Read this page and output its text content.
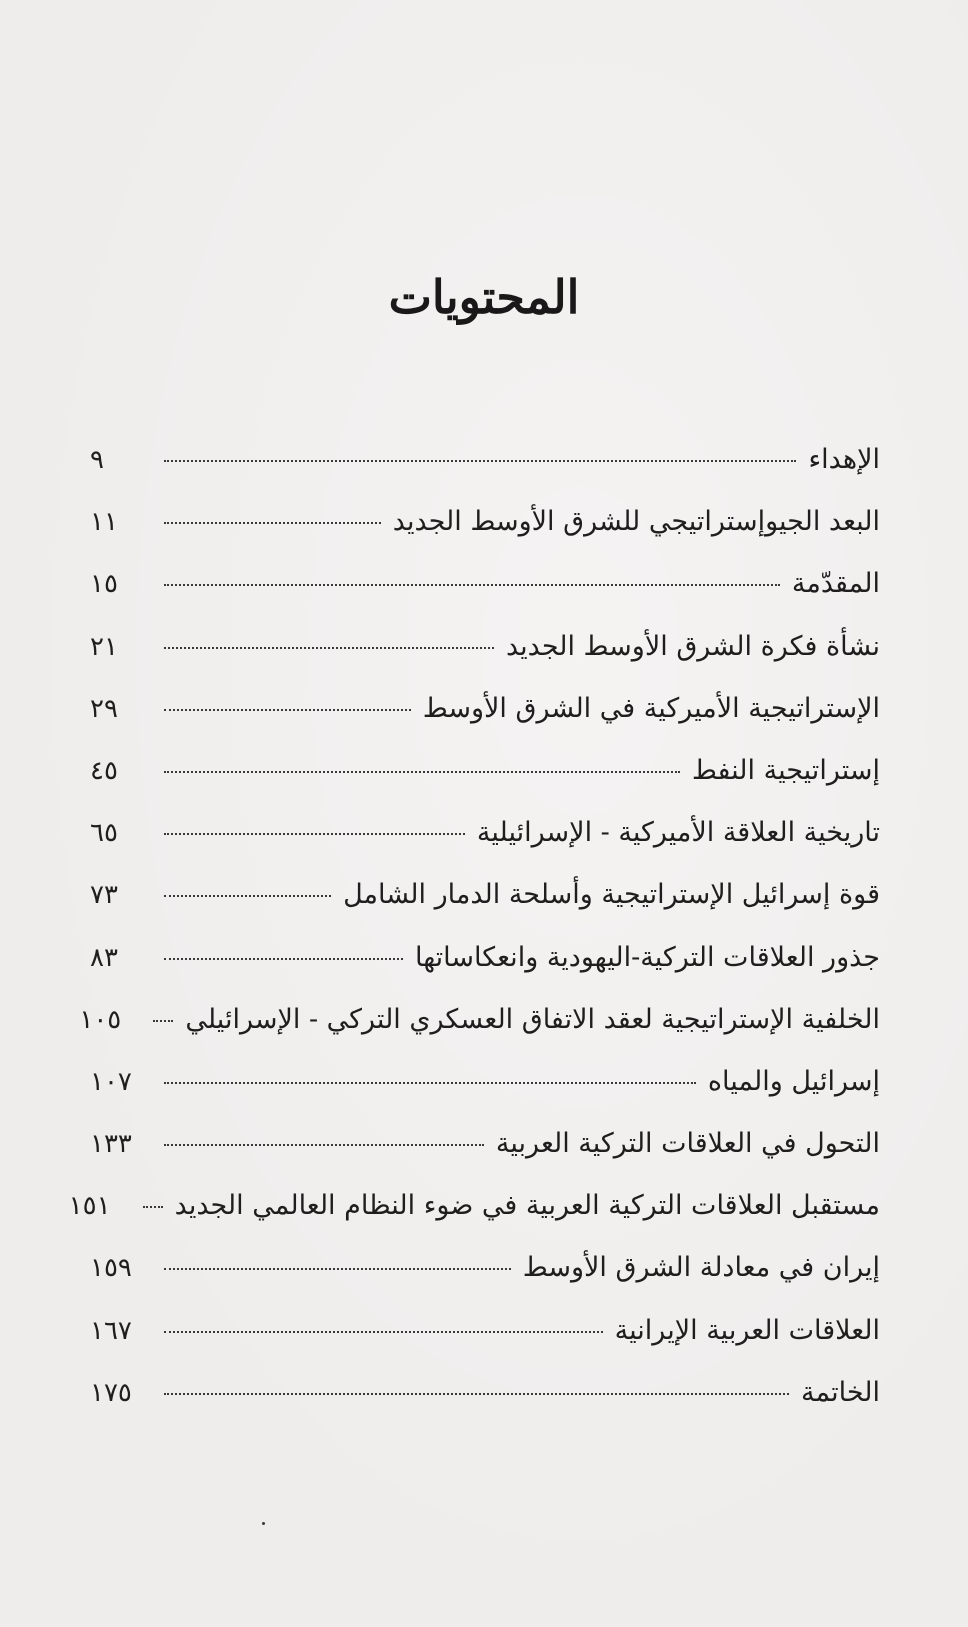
المحتويات
الإهداء
٩
البعد الجيوإستراتيجي للشرق الأوسط الجديد
١١
المقدّمة
١٥
نشأة فكرة الشرق الأوسط الجديد
٢١
الإستراتيجية الأميركية في الشرق الأوسط
٢٩
إستراتيجية النفط
٤٥
تاريخية العلاقة الأميركية - الإسرائيلية
٦٥
قوة إسرائيل الإستراتيجية وأسلحة الدمار الشامل
٧٣
جذور العلاقات التركية-اليهودية وانعكاساتها
٨٣
الخلفية الإستراتيجية لعقد الاتفاق العسكري التركي - الإسرائيلي
١٠٥
إسرائيل والمياه
١٠٧
التحول في العلاقات التركية العربية
١٣٣
مستقبل العلاقات التركية العربية في ضوء النظام العالمي الجديد
١٥١
إيران في معادلة الشرق الأوسط
١٥٩
العلاقات العربية الإيرانية
١٦٧
الخاتمة
١٧٥
